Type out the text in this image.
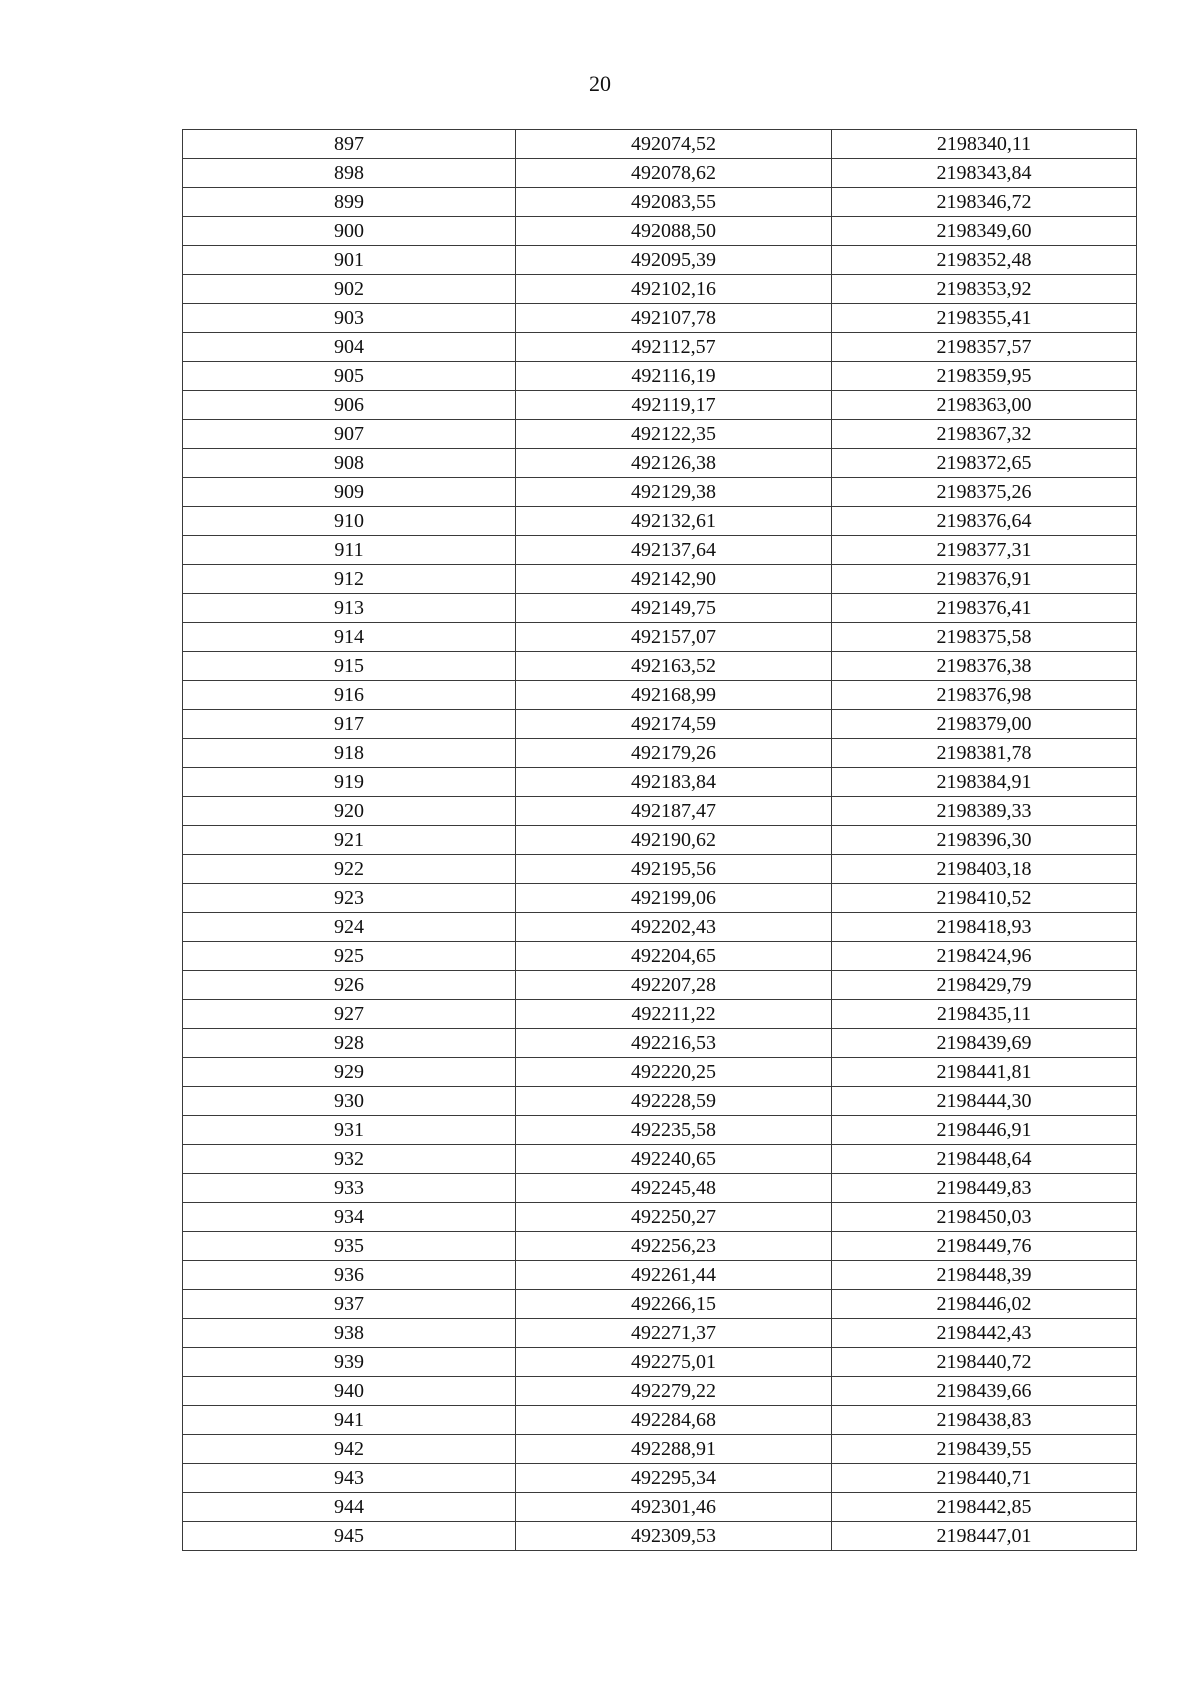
20
897	492074,52	2198340,11
898	492078,62	2198343,84
899	492083,55	2198346,72
900	492088,50	2198349,60
901	492095,39	2198352,48
902	492102,16	2198353,92
903	492107,78	2198355,41
904	492112,57	2198357,57
905	492116,19	2198359,95
906	492119,17	2198363,00
907	492122,35	2198367,32
908	492126,38	2198372,65
909	492129,38	2198375,26
910	492132,61	2198376,64
911	492137,64	2198377,31
912	492142,90	2198376,91
913	492149,75	2198376,41
914	492157,07	2198375,58
915	492163,52	2198376,38
916	492168,99	2198376,98
917	492174,59	2198379,00
918	492179,26	2198381,78
919	492183,84	2198384,91
920	492187,47	2198389,33
921	492190,62	2198396,30
922	492195,56	2198403,18
923	492199,06	2198410,52
924	492202,43	2198418,93
925	492204,65	2198424,96
926	492207,28	2198429,79
927	492211,22	2198435,11
928	492216,53	2198439,69
929	492220,25	2198441,81
930	492228,59	2198444,30
931	492235,58	2198446,91
932	492240,65	2198448,64
933	492245,48	2198449,83
934	492250,27	2198450,03
935	492256,23	2198449,76
936	492261,44	2198448,39
937	492266,15	2198446,02
938	492271,37	2198442,43
939	492275,01	2198440,72
940	492279,22	2198439,66
941	492284,68	2198438,83
942	492288,91	2198439,55
943	492295,34	2198440,71
944	492301,46	2198442,85
945	492309,53	2198447,01
